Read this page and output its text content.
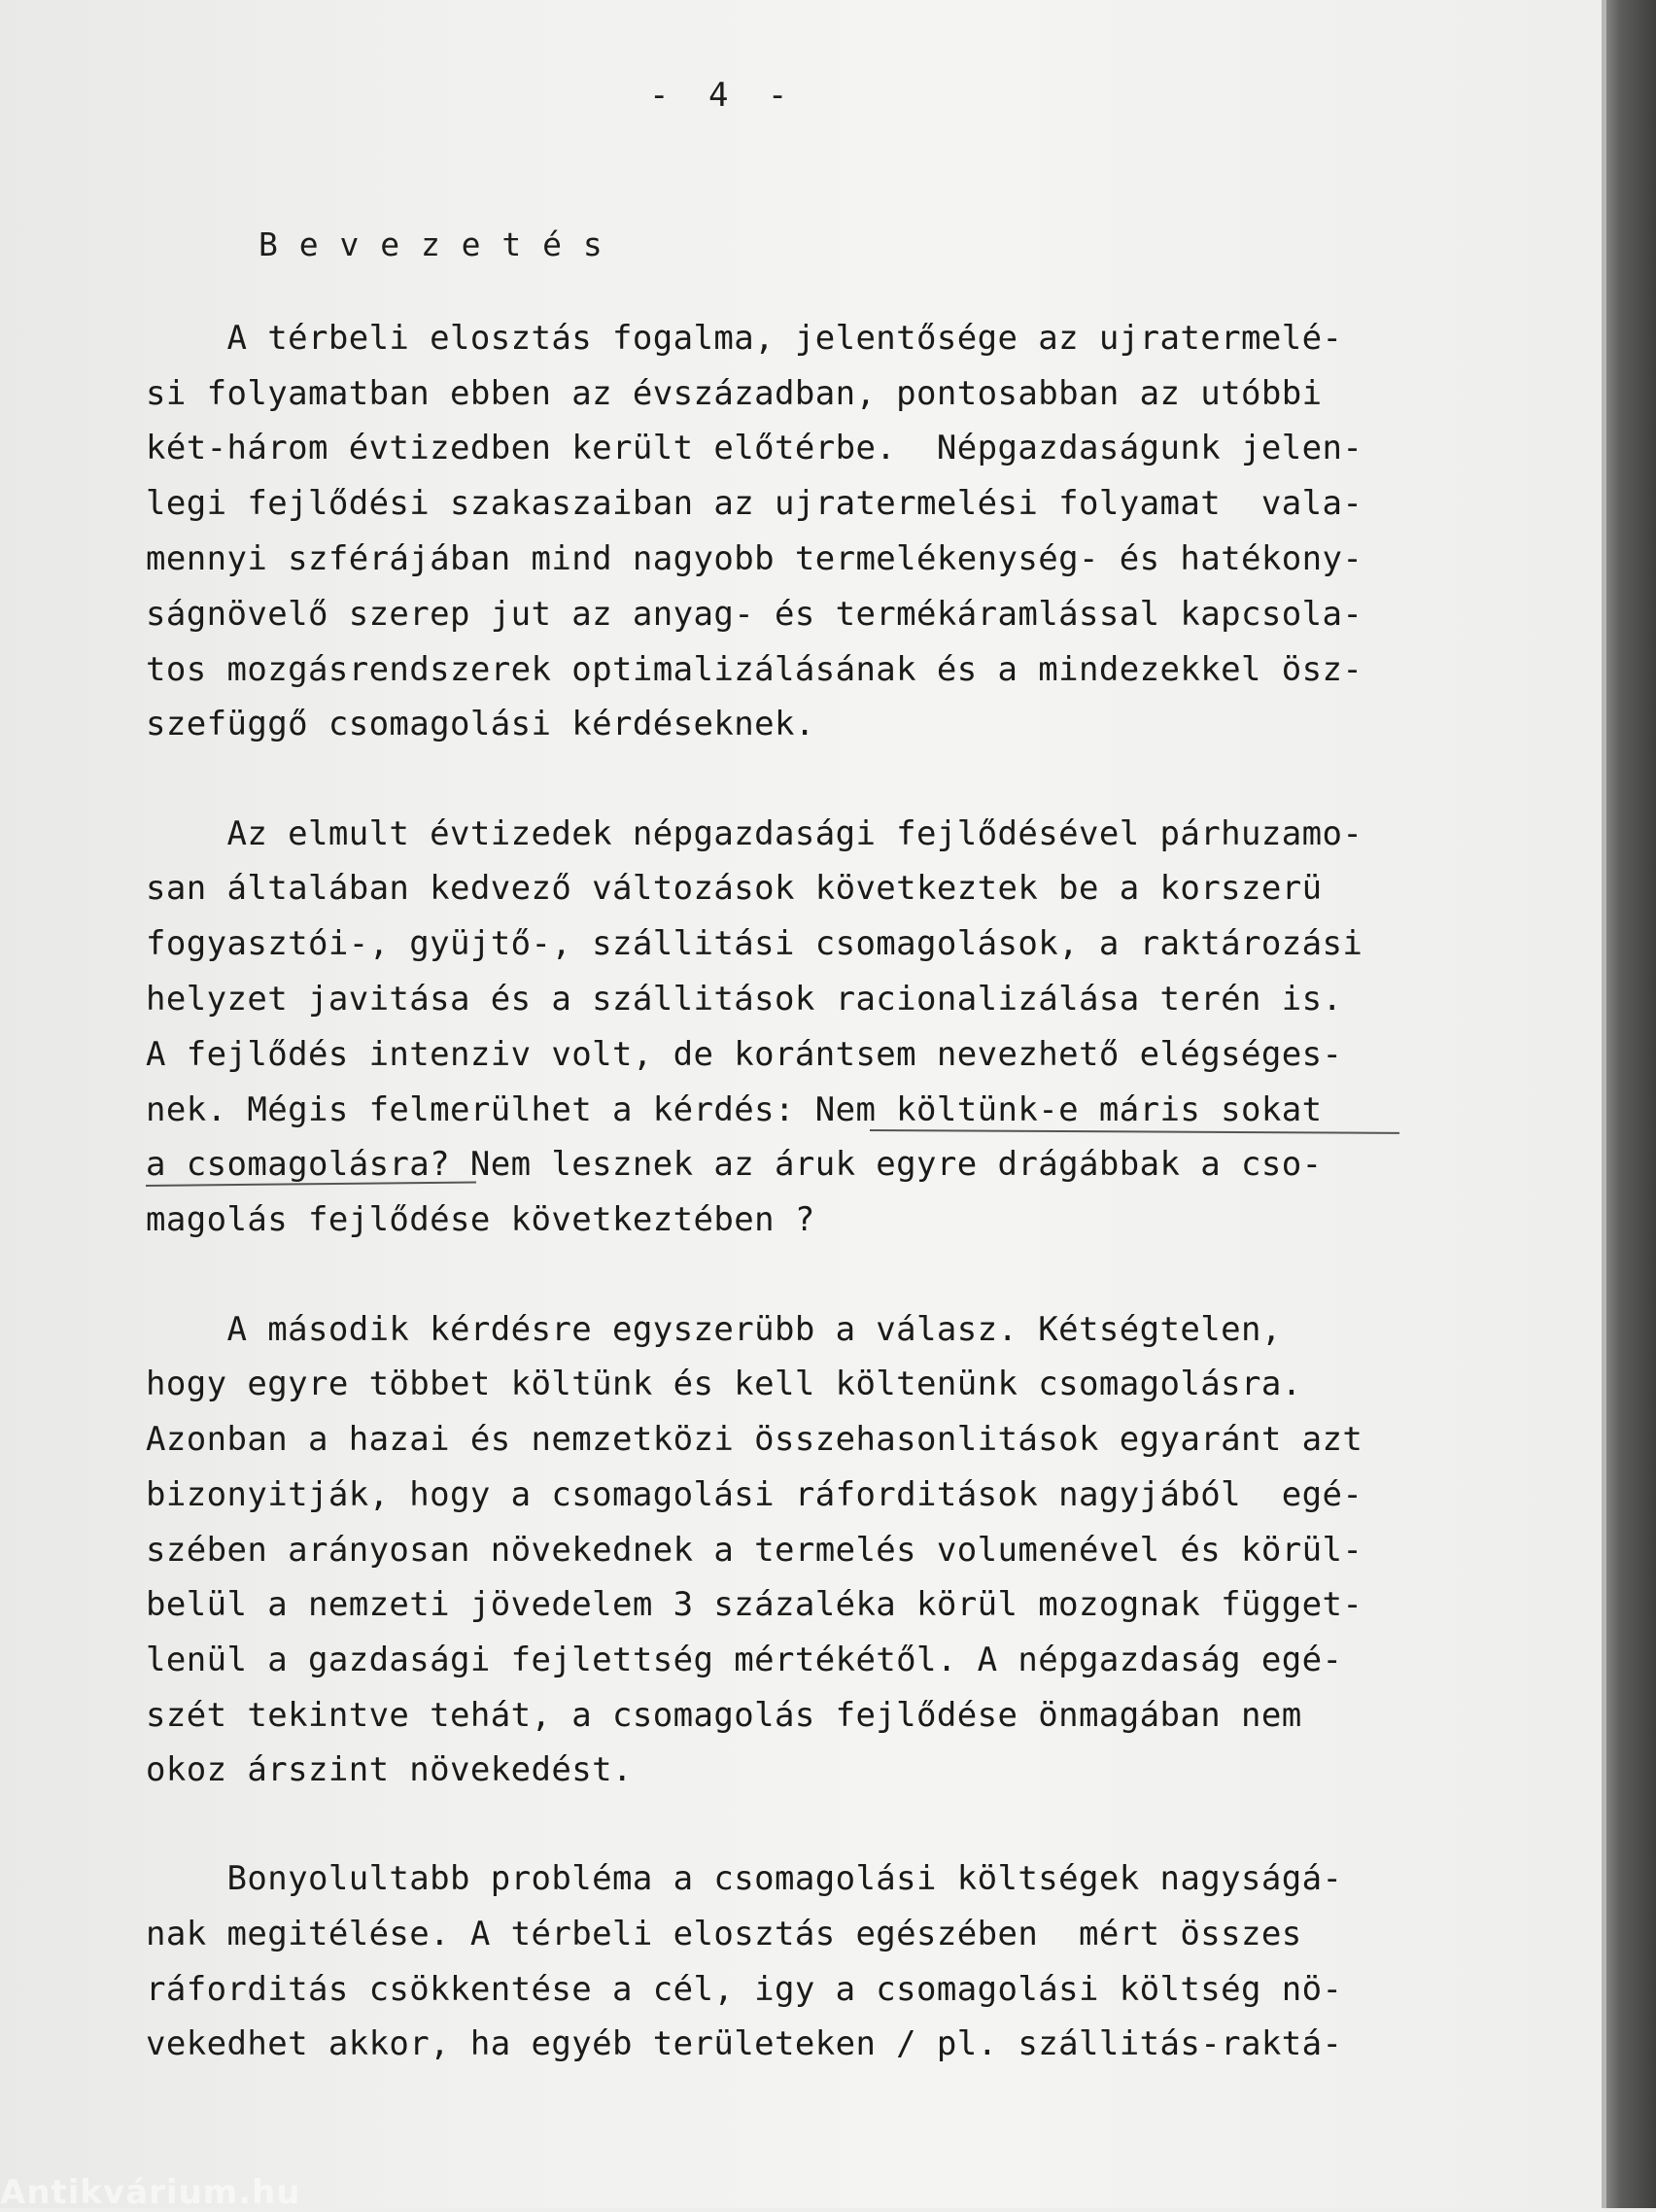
- 4 -
B e v e z e t é s
A térbeli elosztás fogalma, jelentősége az ujratermelé-
si folyamatban ebben az évszázadban, pontosabban az utóbbi
két-három évtizedben került előtérbe.  Népgazdaságunk jelen-
legi fejlődési szakaszaiban az ujratermelési folyamat  vala-
mennyi szférájában mind nagyobb termelékenység- és hatékony-
ságnövelő szerep jut az anyag- és termékáramlással kapcsola-
tos mozgásrendszerek optimalizálásának és a mindezekkel ösz-
szefüggő csomagolási kérdéseknek.
Az elmult évtizedek népgazdasági fejlődésével párhuzamo-
san általában kedvező változások következtek be a korszerü
fogyasztói-, gyüjtő-, szállitási csomagolások, a raktározási
helyzet javitása és a szállitások racionalizálása terén is.
A fejlődés intenziv volt, de korántsem nevezhető elégséges-
nek. Mégis felmerülhet a kérdés: Nem költünk-e máris sokat
a csomagolásra? Nem lesznek az áruk egyre drágábbak a cso-
magolás fejlődése következtében ?
A második kérdésre egyszerübb a válasz. Kétségtelen,
hogy egyre többet költünk és kell költenünk csomagolásra.
Azonban a hazai és nemzetközi összehasonlitások egyaránt azt
bizonyitják, hogy a csomagolási ráforditások nagyjából  egé-
szében arányosan növekednek a termelés volumenével és körül-
belül a nemzeti jövedelem 3 százaléka körül mozognak függet-
lenül a gazdasági fejlettség mértékétől. A népgazdaság egé-
szét tekintve tehát, a csomagolás fejlődése önmagában nem
okoz árszint növekedést.
Bonyolultabb probléma a csomagolási költségek nagyságá-
nak megitélése. A térbeli elosztás egészében  mért összes
ráforditás csökkentése a cél, igy a csomagolási költség nö-
vekedhet akkor, ha egyéb területeken / pl. szállitás-raktá-
Antikvárium.hu
